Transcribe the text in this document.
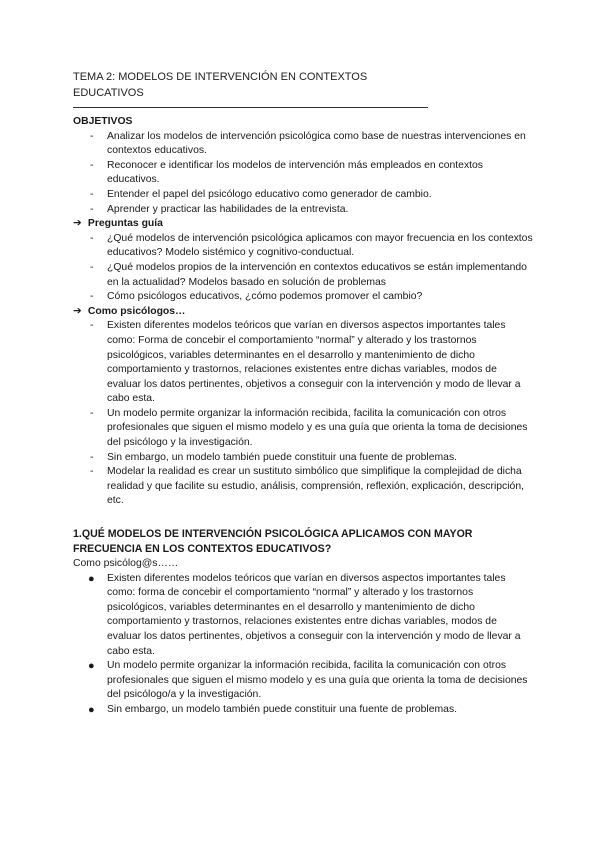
TEMA 2: MODELOS DE INTERVENCIÓN EN CONTEXTOS EDUCATIVOS

OBJETIVOS

- Analizar los modelos de intervención psicológica como base de nuestras intervenciones en contextos educativos.
- Reconocer e identificar los modelos de intervención más empleados en contextos educativos.
- Entender el papel del psicólogo educativo como generador de cambio.
- Aprender y practicar las habilidades de la entrevista.

➔ Preguntas guía

- ¿Qué modelos de intervención psicológica aplicamos con mayor frecuencia en los contextos educativos? Modelo sistémico y cognitivo-conductual.
- ¿Qué modelos propios de la intervención en contextos educativos se están implementando en la actualidad? Modelos basado en solución de problemas
- Cómo psicólogos educativos, ¿cómo podemos promover el cambio?

➔ Como psicólogos…

- Existen diferentes modelos teóricos que varían en diversos aspectos importantes tales como: Forma de concebir el comportamiento “normal” y alterado y los trastornos psicológicos, variables determinantes en el desarrollo y mantenimiento de dicho comportamiento y trastornos, relaciones existentes entre dichas variables, modos de evaluar los datos pertinentes, objetivos a conseguir con la intervención y modo de llevar a cabo esta.
- Un modelo permite organizar la información recibida, facilita la comunicación con otros profesionales que siguen el mismo modelo y es una guía que orienta la toma de decisiones del psicólogo y la investigación.
- Sin embargo, un modelo también puede constituir una fuente de problemas.
- Modelar la realidad es crear un sustituto simbólico que simplifique la complejidad de dicha realidad y que facilite su estudio, análisis, comprensión, reflexión, explicación, descripción, etc.

1.QUÉ MODELOS DE INTERVENCIÓN PSICOLÓGICA APLICAMOS CON MAYOR FRECUENCIA EN LOS CONTEXTOS EDUCATIVOS?

Como psicólog@s……

● Existen diferentes modelos teóricos que varían en diversos aspectos importantes tales como: forma de concebir el comportamiento “normal” y alterado y los trastornos psicológicos, variables determinantes en el desarrollo y mantenimiento de dicho comportamiento y trastornos, relaciones existentes entre dichas variables, modos de evaluar los datos pertinentes, objetivos a conseguir con la intervención y modo de llevar a cabo esta.
● Un modelo permite organizar la información recibida, facilita la comunicación con otros profesionales que siguen el mismo modelo y es una guía que orienta la toma de decisiones del psicólogo/a y la investigación.
● Sin embargo, un modelo también puede constituir una fuente de problemas.
